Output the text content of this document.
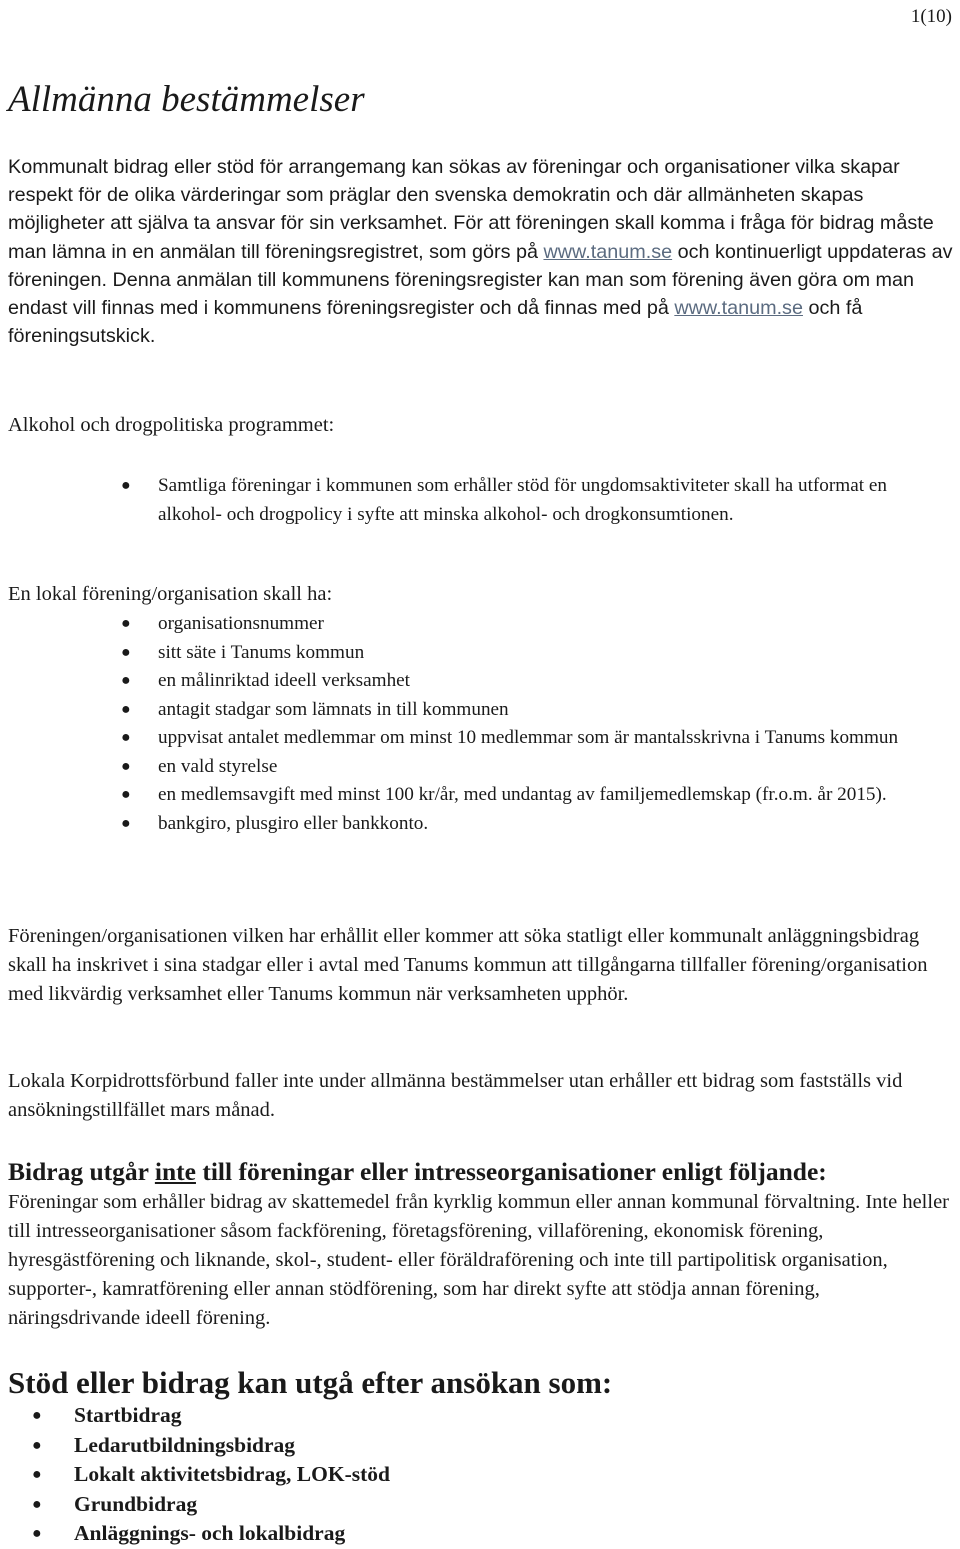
1(10)
Allmänna bestämmelser

Kommunalt bidrag eller stöd för arrangemang kan sökas av föreningar och organisationer vilka skapar respekt för de olika värderingar som präglar den svenska demokratin och där allmänheten skapas möjligheter att själva ta ansvar för sin verksamhet. För att föreningen skall komma i fråga för bidrag måste man lämna in en anmälan till föreningsregistret, som görs på www.tanum.se och kontinuerligt uppdateras av föreningen. Denna anmälan till kommunens föreningsregister kan man som förening även göra om man endast vill finnas med i kommunens föreningsregister och då finnas med på www.tanum.se och få föreningsutskick.

Alkohol och drogpolitiska programmet:

● Samtliga föreningar i kommunen som erhåller stöd för ungdomsaktiviteter skall ha utformat en alkohol- och drogpolicy i syfte att minska alkohol- och drogkonsumtionen.

En lokal förening/organisation skall ha:

● organisationsnummer
● sitt säte i Tanums kommun
● en målinriktad ideell verksamhet
● antagit stadgar som lämnats in till kommunen
● uppvisat antalet medlemmar om minst 10 medlemmar som är mantalsskrivna i Tanums kommun
● en vald styrelse
● en medlemsavgift med minst 100 kr/år, med undantag av familjemedlemskap (fr.o.m. år 2015).
● bankgiro, plusgiro eller bankkonto.

Föreningen/organisationen vilken har erhållit eller kommer att söka statligt eller kommunalt anläggningsbidrag skall ha inskrivet i sina stadgar eller i avtal med Tanums kommun att tillgångarna tillfaller förening/organisation med likvärdig verksamhet eller Tanums kommun när verksamheten upphör.

Lokala Korpidrottsförbund faller inte under allmänna bestämmelser utan erhåller ett bidrag som fastställs vid ansökningstillfället mars månad.

Bidrag utgår inte till föreningar eller intresseorganisationer enligt följande:

Föreningar som erhåller bidrag av skattemedel från kyrklig kommun eller annan kommunal förvaltning. Inte heller till intresseorganisationer såsom fackförening, företagsförening, villaförening, ekonomisk förening, hyresgästförening och liknande, skol-, student- eller föräldraförening och inte till partipolitisk organisation, supporter-, kamratförening eller annan stödförening, som har direkt syfte att stödja annan förening, näringsdrivande ideell förening.

Stöd eller bidrag kan utgå efter ansökan som:

● Startbidrag
● Ledarutbildningsbidrag
● Lokalt aktivitetsbidrag, LOK-stöd
● Grundbidrag
● Anläggnings- och lokalbidrag
